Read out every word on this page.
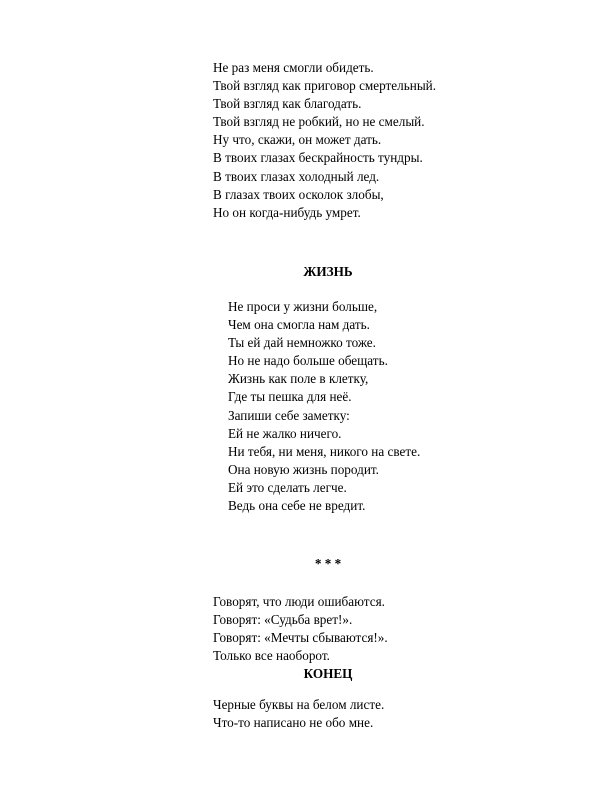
Не раз меня смогли обидеть.
Твой взгляд как приговор смертельный.
Твой взгляд как благодать.
Твой взгляд не робкий, но не смелый.
Ну что, скажи, он может дать.
В твоих глазах бескрайность тундры.
В твоих глазах холодный лед.
В глазах твоих осколок злобы,
Но он когда-нибудь умрет.
ЖИЗНЬ
Не проси у жизни больше,
Чем она смогла нам дать.
Ты ей дай немножко тоже.
Но не надо больше обещать.
Жизнь как поле в клетку,
Где ты пешка для неё.
Запиши себе заметку:
Ей не жалко ничего.
Ни тебя, ни меня, никого на свете.
Она новую жизнь породит.
Ей это сделать легче.
Ведь она себе не вредит.
* * *
Говорят, что люди ошибаются.
Говорят: «Судьба врет!».
Говорят: «Мечты сбываются!».
Только все наоборот.
КОНЕЦ
Черные буквы на белом листе.
Что-то написано не обо мне.
